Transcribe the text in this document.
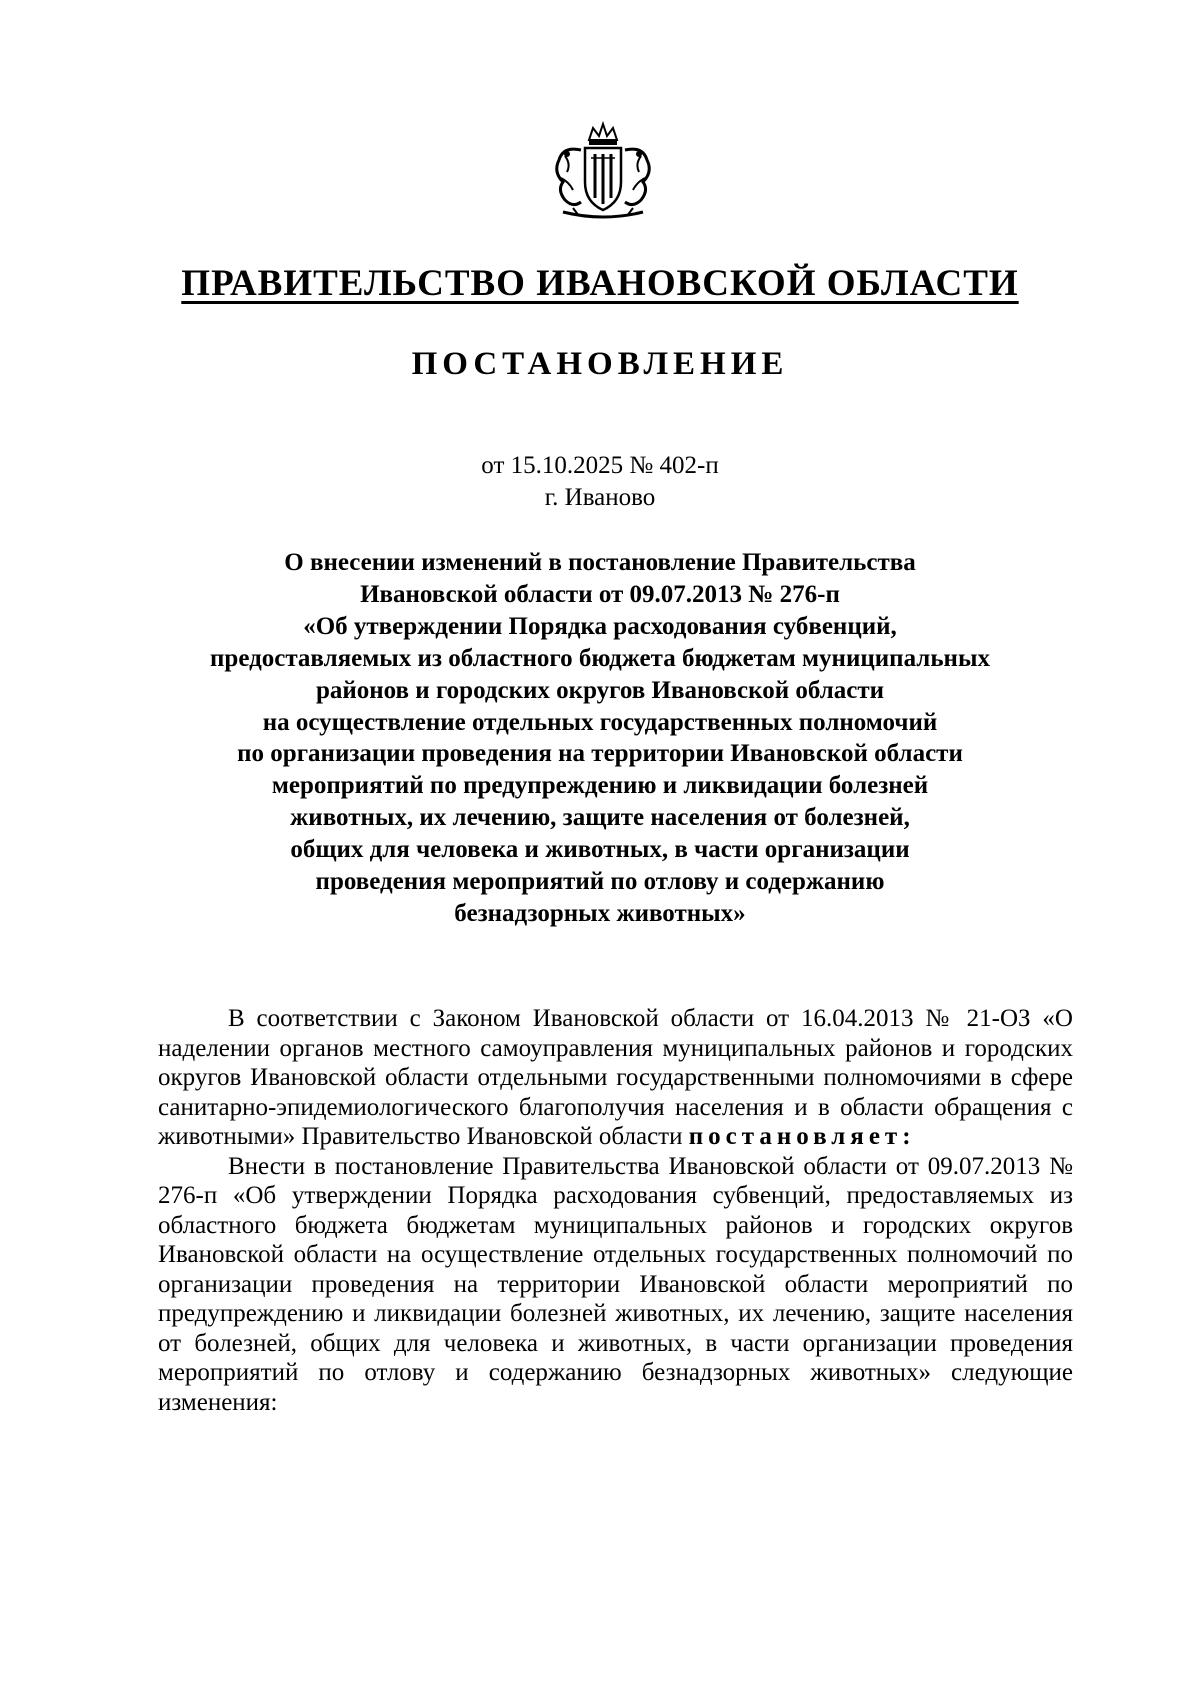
ПРАВИТЕЛЬСТВО ИВАНОВСКОЙ ОБЛАСТИ
ПОСТАНОВЛЕНИЕ
от 15.10.2025 № 402-п
г. Иваново
О внесении изменений в постановление Правительства
Ивановской области от 09.07.2013 № 276-п
«Об утверждении Порядка расходования субвенций,
предоставляемых из областного бюджета бюджетам муниципальных
районов и городских округов Ивановской области
на осуществление отдельных государственных полномочий
по организации проведения на территории Ивановской области
мероприятий по предупреждению и ликвидации болезней
животных, их лечению, защите населения от болезней,
общих для человека и животных, в части организации
проведения мероприятий по отлову и содержанию
безнадзорных животных»

В соответствии с Законом Ивановской области от 16.04.2013 № 21-ОЗ «О наделении органов местного самоуправления муниципальных районов и городских округов Ивановской области отдельными государственными полномочиями в сфере санитарно-эпидемиологического благополучия населения и в области обращения с животными» Правительство Ивановской области постановляет:

Внести в постановление Правительства Ивановской области от 09.07.2013 № 276-п «Об утверждении Порядка расходования субвенций, предоставляемых из областного бюджета бюджетам муниципальных районов и городских округов Ивановской области на осуществление отдельных государственных полномочий по организации проведения на территории Ивановской области мероприятий по предупреждению и ликвидации болезней животных, их лечению, защите населения от болезней, общих для человека и животных, в части организации проведения мероприятий по отлову и содержанию безнадзорных животных» следующие изменения:
